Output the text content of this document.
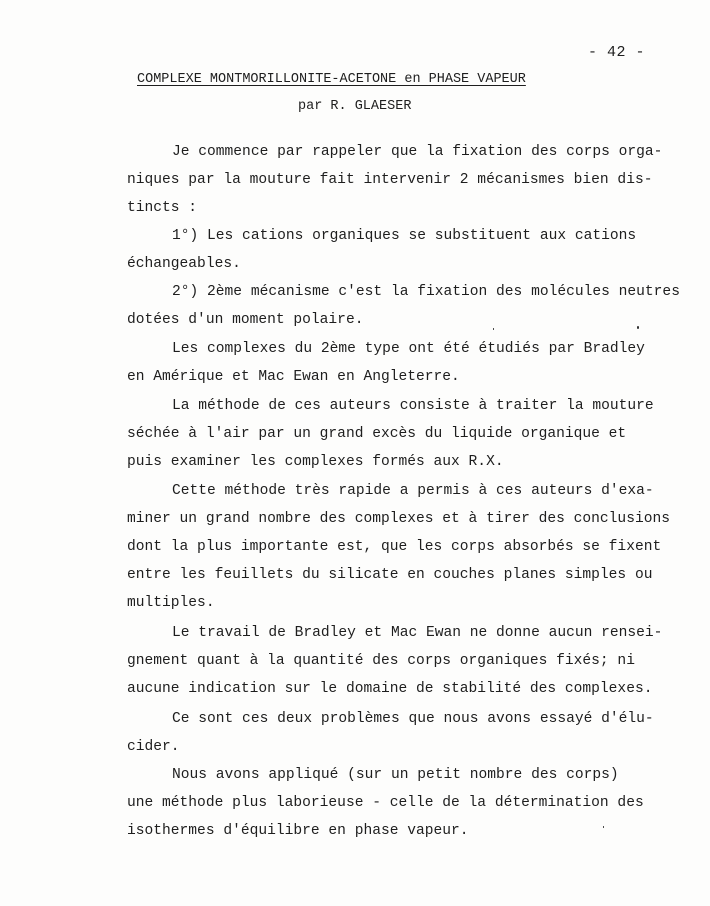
- 42 -
COMPLEXE MONTMORILLONITE-ACETONE en PHASE VAPEUR
par R. GLAESER
Je commence par rappeler que la fixation des corps orga-
niques par la mouture fait intervenir 2 mécanismes bien dis-
tincts :
1°) Les cations organiques se substituent aux cations
échangeables.
2°) 2ème mécanisme c'est la fixation des molécules neutres
dotées d'un moment polaire.
Les complexes du 2ème type ont été étudiés par Bradley
en Amérique et Mac Ewan en Angleterre.
La méthode de ces auteurs consiste à traiter la mouture
séchée à l'air par un grand excès du liquide organique et
puis examiner les complexes formés aux R.X.
Cette méthode très rapide a permis à ces auteurs d'exa-
miner un grand nombre des complexes et à tirer des conclusions
dont la plus importante est, que les corps absorbés se fixent
entre les feuillets du silicate en couches planes simples ou
multiples.
Le travail de Bradley et Mac Ewan ne donne aucun rensei-
gnement quant à la quantité des corps organiques fixés; ni
aucune indication sur le domaine de stabilité des complexes.
Ce sont ces deux problèmes que nous avons essayé d'élu-
cider.
Nous avons appliqué (sur un petit nombre des corps)
une méthode plus laborieuse - celle de la détermination des
isothermes d'équilibre en phase vapeur.
